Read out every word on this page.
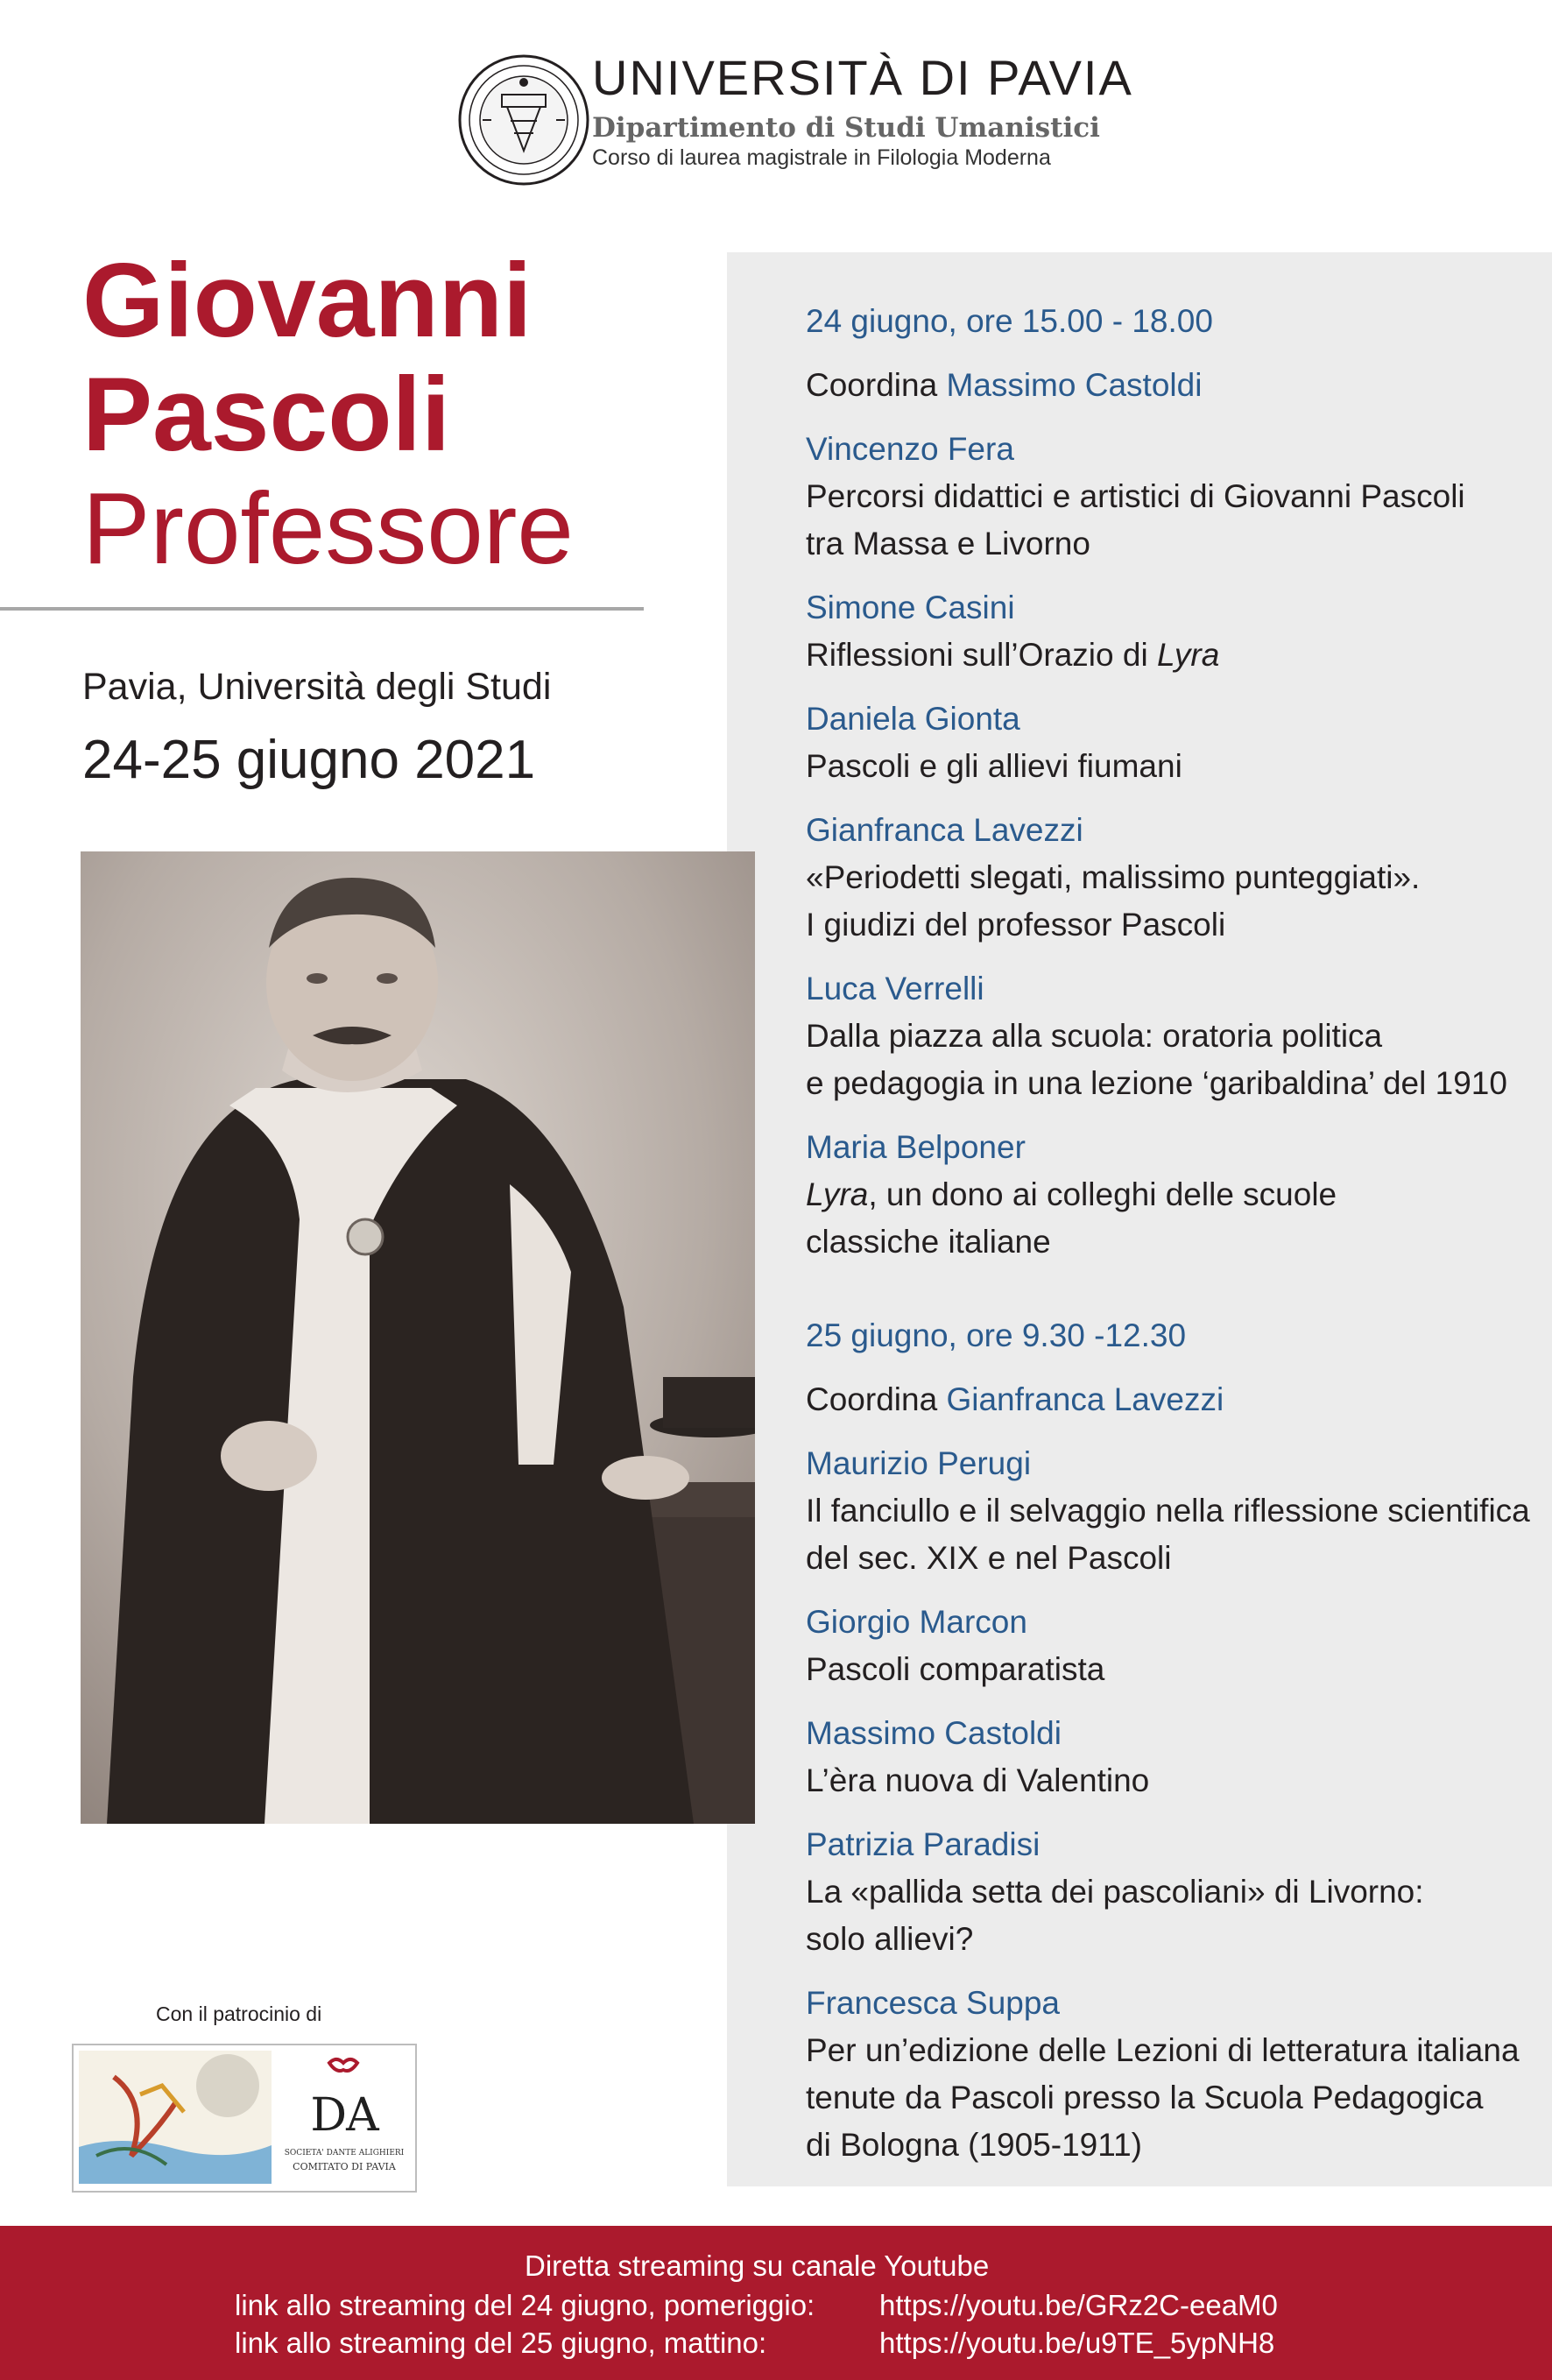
UNIVERSITÀ DI PAVIA
Dipartimento di Studi Umanistici
Corso di laurea magistrale in Filologia Moderna

24 giugno, ore 15.00 - 18.00

Coordina Massimo Castoldi

Vincenzo Fera

Percorsi didattici e artistici di Giovanni Pascoli

tra Massa e Livorno

Simone Casini

Riflessioni sull’Orazio di Lyra

Daniela Gionta

Pascoli e gli allievi fiumani

Gianfranca Lavezzi

«Periodetti slegati, malissimo punteggiati».

I giudizi del professor Pascoli

Luca Verrelli

Dalla piazza alla scuola: oratoria politica

e pedagogia in una lezione ‘garibaldina’ del 1910

Maria Belponer

Lyra, un dono ai colleghi delle scuole

classiche italiane

25 giugno, ore 9.30 -12.30

Coordina Gianfranca Lavezzi

Maurizio Perugi

Il fanciullo e il selvaggio nella riflessione scientifica

del sec. XIX e nel Pascoli

Giorgio Marcon

Pascoli comparatista

Massimo Castoldi

L’èra nuova di Valentino

Patrizia Paradisi

La «pallida setta dei pascoliani» di Livorno:

solo allievi?

Francesca Suppa

Per un’edizione delle Lezioni di letteratura italiana

tenute da Pascoli presso la Scuola Pedagogica

di Bologna (1905-1911)

Giovanni
Pascoli
Professore
Pavia, Università degli Studi
24-25 giugno 2021
Con il patrocinio di
DA
SOCIETA' DANTE ALIGHIERI
COMITATO DI PAVIA
Diretta streaming su canale Youtube
link allo streaming del 24 giugno, pomeriggio: https://youtu.be/GRz2C-eeaM0
link allo streaming del 25 giugno, mattino:	https://youtu.be/u9TE_5ypNH8
